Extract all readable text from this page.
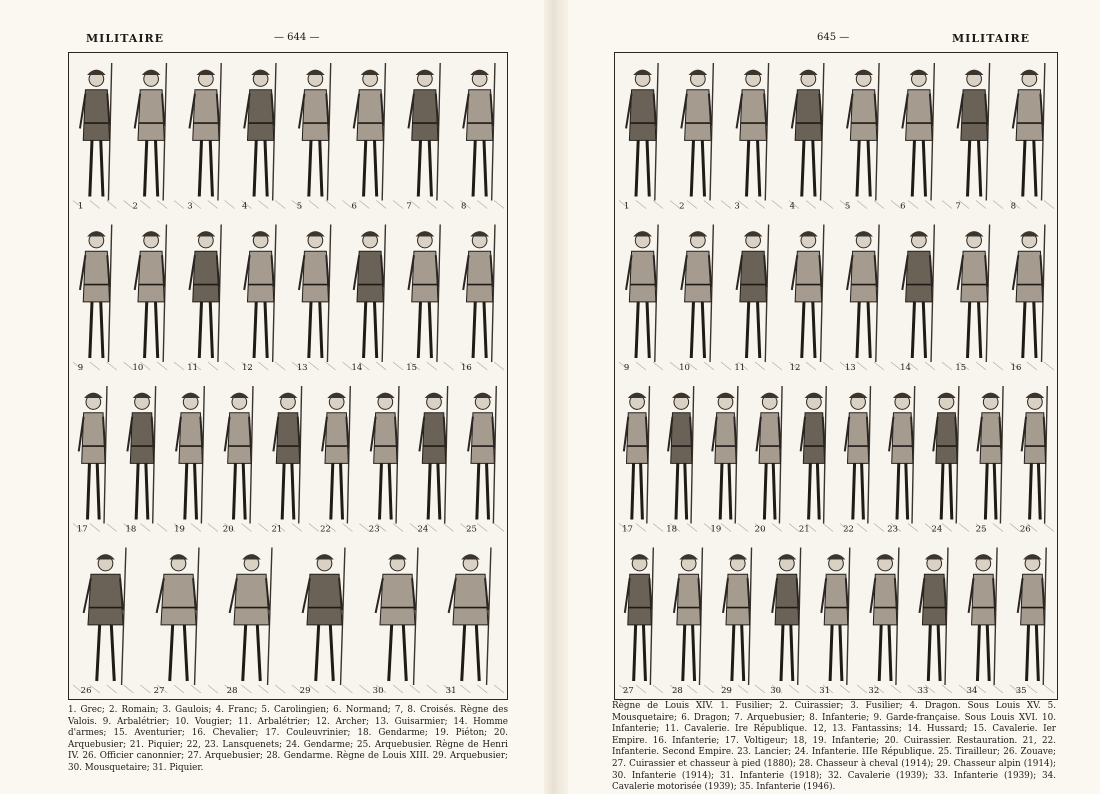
MILITAIRE	— 644 —
1	2	3	4	5	6	7	8
9	10	11	12	13	14	15	16
17	18	19	20	21	22	23	24	25
26	27	28	29	30	31
1. Grec; 2. Romain; 3. Gaulois; 4. Franc; 5. Carolingien; 6. Normand; 7, 8. Croisés. Règne des Valois. 9. Arbalétrier; 10. Vougier; 11. Arbalétrier; 12. Archer; 13. Guisarmier; 14. Homme d'armes; 15. Aventurier; 16. Chevalier; 17. Couleuvrinier; 18. Gendarme; 19. Piéton; 20. Arquebusier; 21. Piquier; 22, 23. Lansquenets; 24. Gendarme; 25. Arquebusier. Règne de Henri IV. 26. Officier canonnier; 27. Arquebusier; 28. Gendarme. Règne de Louis XIII. 29. Arquebusier; 30. Mousquetaire; 31. Piquier.
645 —	MILITAIRE
1	2	3	4	5	6	7	8
9	10	11	12	13	14	15	16
17	18	19	20	21	22	23	24	25	26
27	28	29	30	31	32	33	34	35
Règne de Louis XIV. 1. Fusilier; 2. Cuirassier; 3. Fusilier; 4. Dragon. Sous Louis XV. 5. Mousquetaire; 6. Dragon; 7. Arquebusier; 8. Infanterie; 9. Garde-française. Sous Louis XVI. 10. Infanterie; 11. Cavalerie. Ire République. 12, 13. Fantassins; 14. Hussard; 15. Cavalerie. Ier Empire. 16. Infanterie; 17. Voltigeur; 18, 19. Infanterie; 20. Cuirassier. Restauration. 21, 22. Infanterie. Second Empire. 23. Lancier; 24. Infanterie. IIIe République. 25. Tirailleur; 26. Zouave; 27. Cuirassier et chasseur à pied (1880); 28. Chasseur à cheval (1914); 29. Chasseur alpin (1914); 30. Infanterie (1914); 31. Infanterie (1918); 32. Cavalerie (1939); 33. Infanterie (1939); 34. Cavalerie motorisée (1939); 35. Infanterie (1946).
